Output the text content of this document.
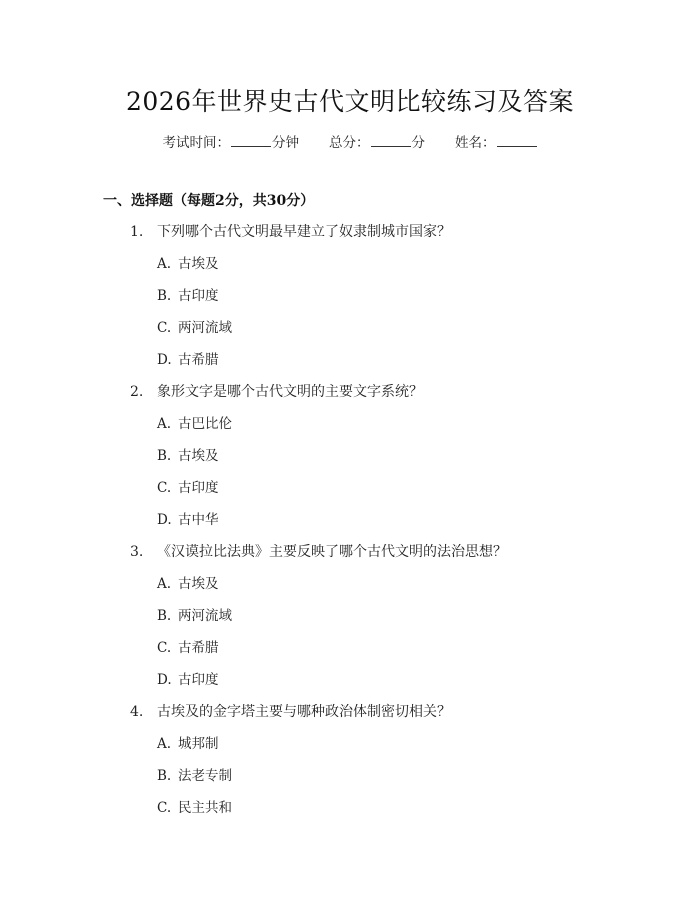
2026年世界史古代文明比较练习及答案
考试时间：	分钟 总分：	分 姓名：
一、选择题（每题2分，共30分）
1. 下列哪个古代文明最早建立了奴隶制城市国家？
A. 古埃及
B. 古印度
C. 两河流域
D. 古希腊
2. 象形文字是哪个古代文明的主要文字系统？
A. 古巴比伦
B. 古埃及
C. 古印度
D. 古中华
3. 《汉谟拉比法典》主要反映了哪个古代文明的法治思想？
A. 古埃及
B. 两河流域
C. 古希腊
D. 古印度
4. 古埃及的金字塔主要与哪种政治体制密切相关？
A. 城邦制
B. 法老专制
C. 民主共和
